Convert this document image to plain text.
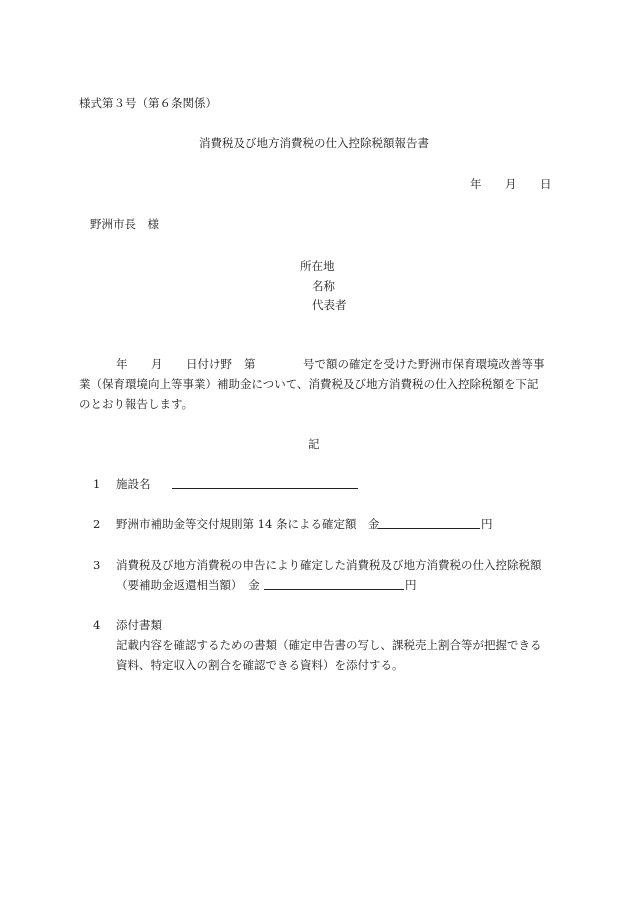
様式第３号（第６条関係）
消費税及び地方消費税の仕入控除税額報告書
年 月 日
野洲市長　様
所在地
名称
代表者
年 月 日付け野 第	号で額の確定を受けた野洲市保育環境改善等事
業（保育環境向上等事業）補助金について、消費税及び地方消費税の仕入控除税額を下記
のとおり報告します。
記
1 施設名
2 野洲市補助金等交付規則第 14 条による確定額　金	円
3 消費税及び地方消費税の申告により確定した消費税及び地方消費税の仕入控除税額
（要補助金返還相当額）　金	円
4 添付書類
記載内容を確認するための書類（確定申告書の写し、課税売上割合等が把握できる
資料、特定収入の割合を確認できる資料）を添付する。
